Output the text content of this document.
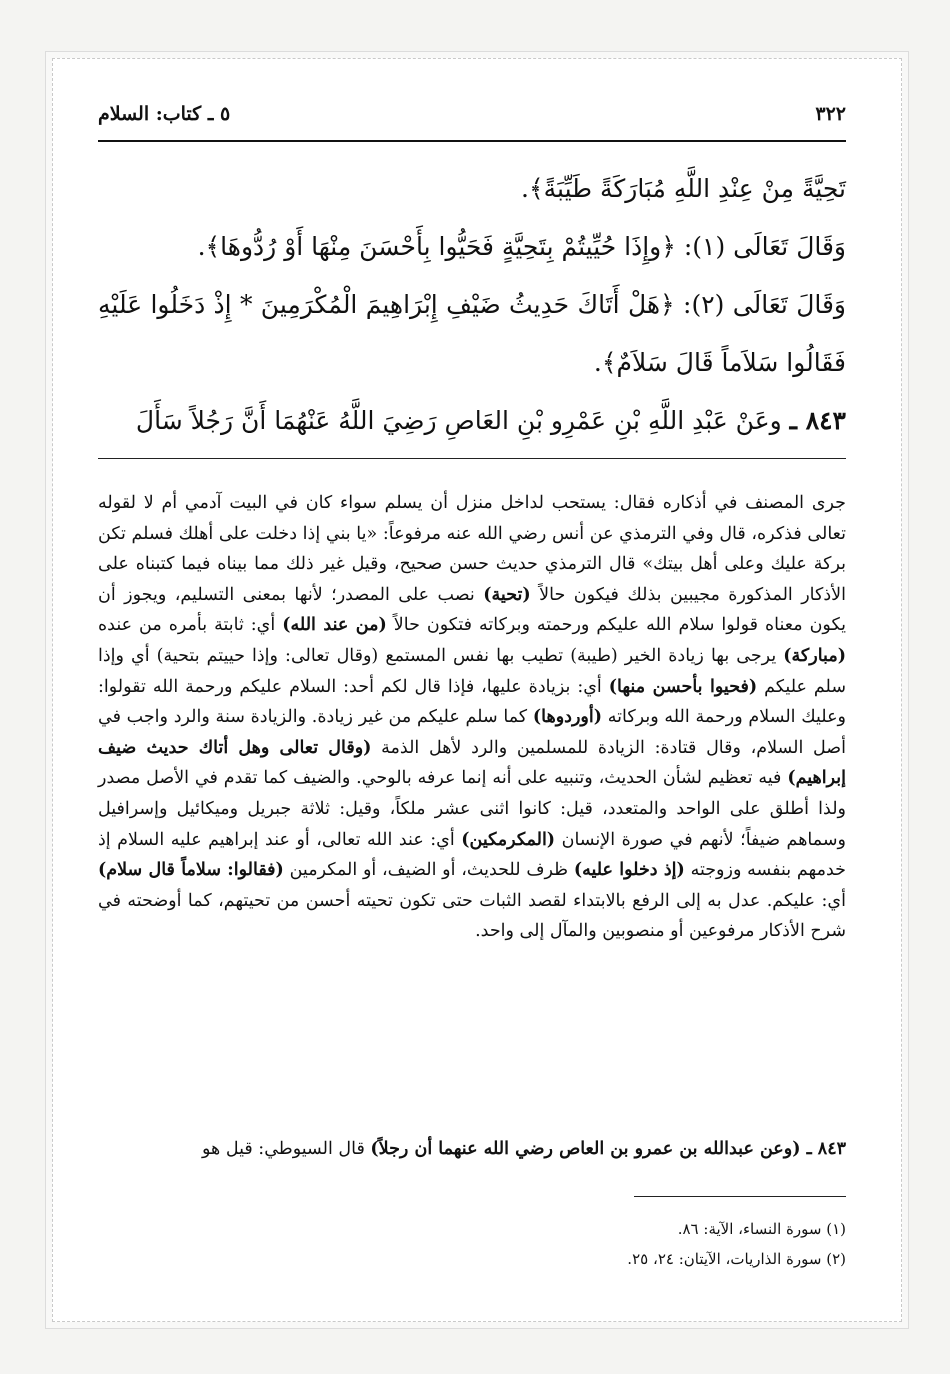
٣٢٢
٥ ـ كتاب: السلام

تَحِيَّةً مِنْ عِنْدِ اللَّهِ مُبَارَكَةً طَيِّبَةً﴾.

وَقَالَ تَعَالَى (١): ﴿وإِذَا حُيِّيتُمْ بِتَحِيَّةٍ فَحَيُّوا بِأَحْسَنَ مِنْهَا أَوْ رُدُّوهَا﴾.

وَقَالَ تَعَالَى (٢): ﴿هَلْ أَتَاكَ حَدِيثُ ضَيْفِ إِبْرَاهِيمَ الْمُكْرَمِينَ * إِذْ دَخَلُوا عَلَيْهِ فَقَالُوا سَلاَماً قَالَ سَلاَمٌ﴾.

٨٤٣ ـ وعَنْ عَبْدِ اللَّهِ بْنِ عَمْرِو بْنِ العَاصِ رَضِيَ اللَّهُ عَنْهُمَا أَنَّ رَجُلاً سَأَلَ

جرى المصنف في أذكاره فقال: يستحب لداخل منزل أن يسلم سواء كان في البيت آدمي أم لا لقوله تعالى فذكره، قال وفي الترمذي عن أنس رضي الله عنه مرفوعاً: «يا بني إذا دخلت على أهلك فسلم تكن بركة عليك وعلى أهل بيتك» قال الترمذي حديث حسن صحيح، وقيل غير ذلك مما بيناه فيما كتبناه على الأذكار المذكورة مجيبين بذلك فيكون حالاً (تحية) نصب على المصدر؛ لأنها بمعنى التسليم، ويجوز أن يكون معناه قولوا سلام الله عليكم ورحمته وبركاته فتكون حالاً (من عند الله) أي: ثابتة بأمره من عنده (مباركة) يرجى بها زيادة الخير (طيبة) تطيب بها نفس المستمع (وقال تعالى: وإذا حييتم بتحية) أي وإذا سلم عليكم (فحيوا بأحسن منها) أي: بزيادة عليها، فإذا قال لكم أحد: السلام عليكم ورحمة الله تقولوا: وعليك السلام ورحمة الله وبركاته (أوردوها) كما سلم عليكم من غير زيادة. والزيادة سنة والرد واجب في أصل السلام، وقال قتادة: الزيادة للمسلمين والرد لأهل الذمة (وقال تعالى وهل أتاك حديث ضيف إبراهيم) فيه تعظيم لشأن الحديث، وتنبيه على أنه إنما عرفه بالوحي. والضيف كما تقدم في الأصل مصدر ولذا أطلق على الواحد والمتعدد، قيل: كانوا اثنى عشر ملكاً، وقيل: ثلاثة جبريل وميكائيل وإسرافيل وسماهم ضيفاً؛ لأنهم في صورة الإنسان (المكرمكين) أي: عند الله تعالى، أو عند إبراهيم عليه السلام إذ خدمهم بنفسه وزوجته (إذ دخلوا عليه) ظرف للحديث، أو الضيف، أو المكرمين (فقالوا: سلاماً قال سلام) أي: عليكم. عدل به إلى الرفع بالابتداء لقصد الثبات حتى تكون تحيته أحسن من تحيتهم، كما أوضحته في شرح الأذكار مرفوعين أو منصوبين والمآل إلى واحد.
٨٤٣ ـ (وعن عبدالله بن عمرو بن العاص رضي الله عنهما أن رجلاً) قال السيوطي: قيل هو
(١) سورة النساء، الآية: ٨٦.
(٢) سورة الذاريات، الآيتان: ٢٤، ٢٥.
